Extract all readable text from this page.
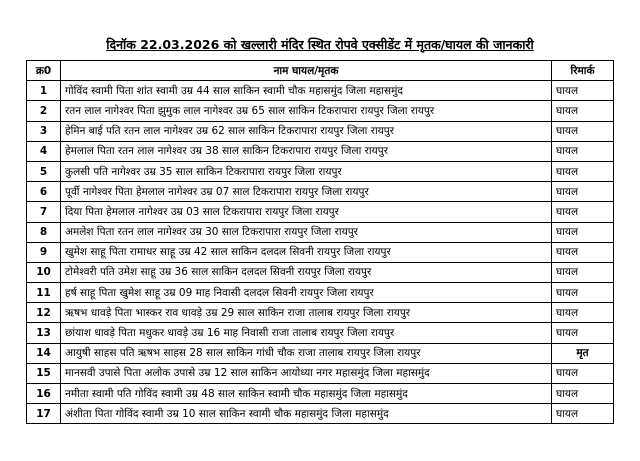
दिनॉक 22.03.2026 को खल्लारी मंदिर स्थित रोपवे एक्सीडेंट में मृतक/घायल की जानकारी
क्र0	नाम घायल/मृतक	रिमार्क
1	गोविंद स्वामी पिता शांत स्वामी उम्र 44 साल साकिन स्वामी चौक महासमुंद जिला महासमुंद	घायल
2	रतन लाल नागेश्वर पिता झुमुक लाल नागेश्वर उम्र 65 साल साकिन टिकरापारा रायपुर जिला रायपुर	घायल
3	हेमिन बाई पति रतन लाल नागेश्वर उम्र 62 साल साकिन टिकरापारा रायपुर जिला रायपुर	घायल
4	हेमलाल पिता रतन लाल नागेश्वर उम्र 38 साल साकिन टिकरापारा रायपुर जिला रायपुर	घायल
5	कुलसी पति नागेश्वर उम्र 35 साल साकिन टिकरापारा रायपुर जिला रायपुर	घायल
6	पूर्वी नागेश्वर पिता हेमलाल नागेश्वर उम्र 07 साल टिकरापारा रायपुर जिला रायपुर	घायल
7	दिया पिता हेमलाल नागेश्वर उम्र 03 साल टिकरापारा रायपुर जिला रायपुर	घायल
8	अमलेश पिता रतन लाल नागेश्वर उम्र 30 साल टिकरापारा रायपुर जिला रायपुर	घायल
9	खुमेश साहू पिता रामाधर साहू उम्र 42 साल साकिन दलदल सिवनी रायपुर जिला रायपुर	घायल
10	टोमेश्वरी पति उमेश साहू उम्र 36 साल साकिन दलदल सिवनी रायपुर जिला रायपुर	घायल
11	हर्ष साहू पिता खुमेश साहू उम्र 09 माह निवासी दलदल सिवनी रायपुर जिला रायपुर	घायल
12	ऋषभ धावड़े पिता भास्कर राव धावड़े उम्र 29 साल साकिन राजा तालाब रायपुर जिला रायपुर	घायल
13	छांयाश धावड़े पिता मधुकर धावड़े उम्र 16 माह निवासी राजा तालाब रायपुर जिला रायपुर	घायल
14	आयुषी साहस पति ऋषभ साहस 28 साल साकिन गांधी चौक राजा तालाब रायपुर जिला रायपुर	मृत
15	मानसवी उपासे पिता अलोक उपासे उम्र 12 साल साकिन आयोध्या नगर महासमुंद जिला महासमुंद	घायल
16	नमीता स्वामी पति गोविंद स्वामी उम्र 48 साल साकिन स्वामी चौक महासमुंद जिला महासमुंद	घायल
17	अंशीता पिता गोविंद स्वामी उम्र 10 साल साकिन स्वामी चौक महासमुंद जिला महासमुंद	घायल
